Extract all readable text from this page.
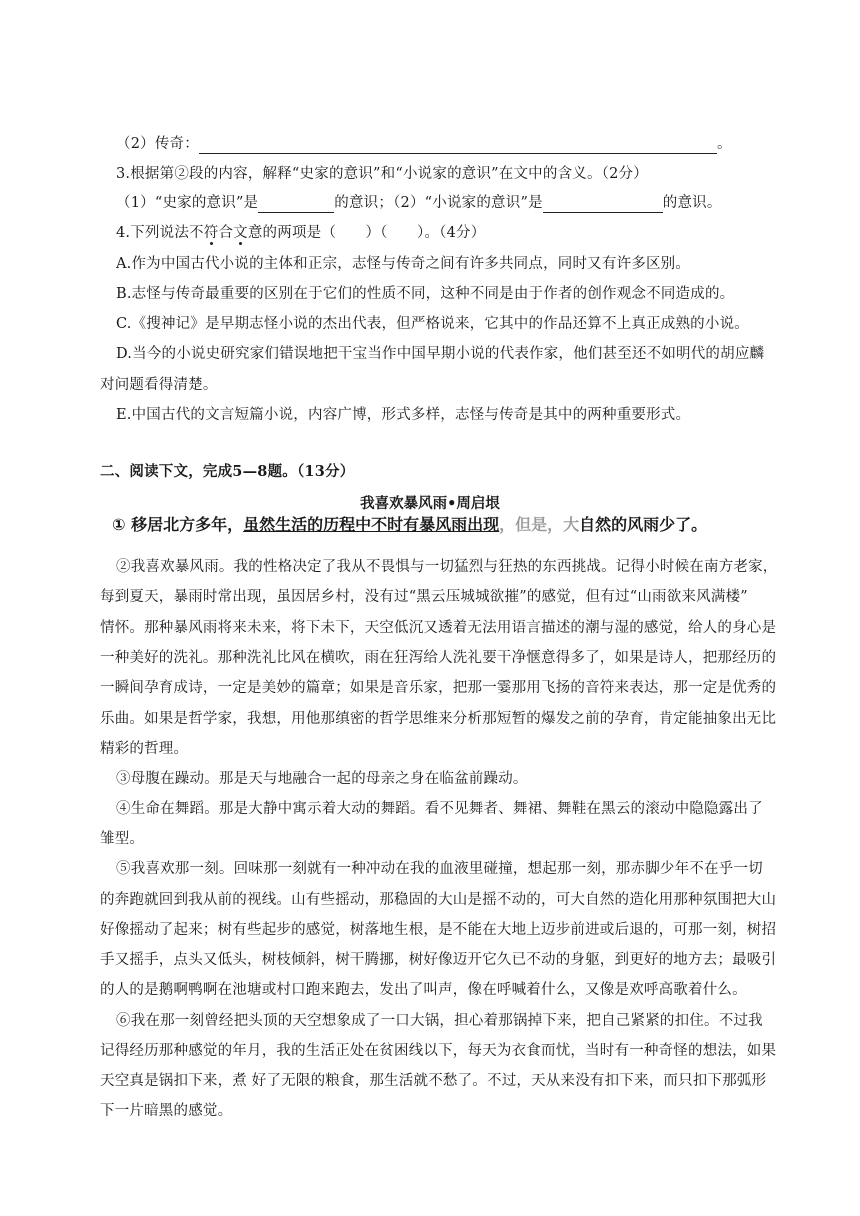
（2）传奇：	。
3.根据第②段的内容，解释“史家的意识”和“小说家的意识”在文中的含义。（2分）
（1）“史家的意识”是	的意识；（2）“小说家的意识”是	的意识。
4.下列说法不符合文意的两项是（　　）（　　）。（4分）
A.作为中国古代小说的主体和正宗，志怪与传奇之间有许多共同点，同时又有许多区别。
B.志怪与传奇最重要的区别在于它们的性质不同，这种不同是由于作者的创作观念不同造成的。
C.《搜神记》是早期志怪小说的杰出代表，但严格说来，它其中的作品还算不上真正成熟的小说。
D.当今的小说史研究家们错误地把干宝当作中国早期小说的代表作家，他们甚至还不如明代的胡应麟
对问题看得清楚。
E.中国古代的文言短篇小说，内容广博，形式多样，志怪与传奇是其中的两种重要形式。
二、阅读下文，完成5—8题。（13分）
我喜欢暴风雨•周启垠
① 移居北方多年，虽然生活的历程中不时有暴风雨出现，但是，大自然的风雨少了。
②我喜欢暴风雨。我的性格决定了我从不畏惧与一切猛烈与狂热的东西挑战。记得小时候在南方老家，
每到夏天，暴雨时常出现，虽因居乡村，没有过“黑云压城城欲摧”的感觉，但有过“山雨欲来风满楼”
情怀。那种暴风雨将来未来，将下未下，天空低沉又透着无法用语言描述的潮与湿的感觉，给人的身心是
一种美好的洗礼。那种洗礼比风在横吹，雨在狂泻给人洗礼要干净惬意得多了，如果是诗人，把那经历的
一瞬间孕育成诗，一定是美妙的篇章；如果是音乐家，把那一霎那用飞扬的音符来表达，那一定是优秀的
乐曲。如果是哲学家，我想，用他那缜密的哲学思维来分析那短暂的爆发之前的孕育，肯定能抽象出无比
精彩的哲理。
③母腹在躁动。那是天与地融合一起的母亲之身在临盆前躁动。
④生命在舞蹈。那是大静中寓示着大动的舞蹈。看不见舞者、舞裙、舞鞋在黑云的滚动中隐隐露出了
雏型。
⑤我喜欢那一刻。回味那一刻就有一种冲动在我的血液里碰撞，想起那一刻，那赤脚少年不在乎一切
的奔跑就回到我从前的视线。山有些摇动，那稳固的大山是摇不动的，可大自然的造化用那种氛围把大山
好像摇动了起来；树有些起步的感觉，树落地生根，是不能在大地上迈步前进或后退的，可那一刻，树招
手又摇手，点头又低头，树枝倾斜，树干腾挪，树好像迈开它久已不动的身躯，到更好的地方去；最吸引
的人的是鹅啊鸭啊在池塘或村口跑来跑去，发出了叫声，像在呼喊着什么，又像是欢呼高歌着什么。
⑥我在那一刻曾经把头顶的天空想象成了一口大锅，担心着那锅掉下来，把自己紧紧的扣住。不过我
记得经历那种感觉的年月，我的生活正处在贫困线以下，每天为衣食而忧，当时有一种奇怪的想法，如果
天空真是锅扣下来，煮 好了无限的粮食，那生活就不愁了。不过，天从来没有扣下来，而只扣下那弧形
下一片暗黑的感觉。
